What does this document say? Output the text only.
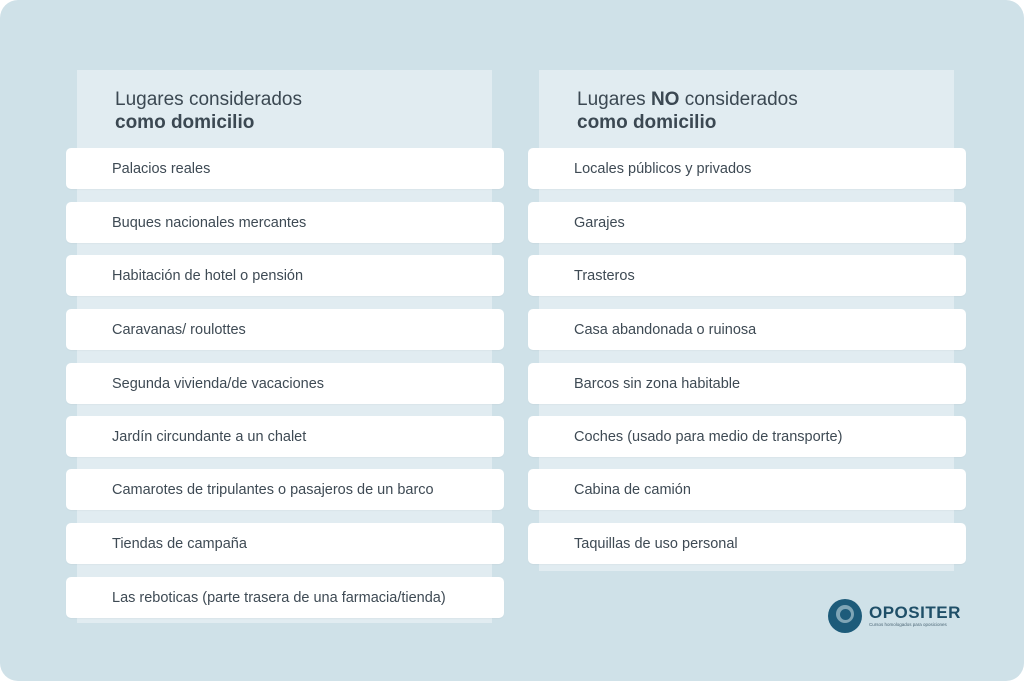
Lugares considerados
como domicilio
Lugares NO considerados
como domicilio
Palacios reales
Buques nacionales mercantes
Habitación de hotel o pensión
Caravanas/ roulottes
Segunda vivienda/de vacaciones
Jardín circundante a un chalet
Camarotes de tripulantes o pasajeros de un barco
Tiendas de campaña
Las reboticas (parte trasera de una farmacia/tienda)
Locales públicos y privados
Garajes
Trasteros
Casa abandonada o ruinosa
Barcos sin zona habitable
Coches (usado para medio de transporte)
Cabina de camión
Taquillas de uso personal
OPOSITER
Cursos homologados para oposiciones
